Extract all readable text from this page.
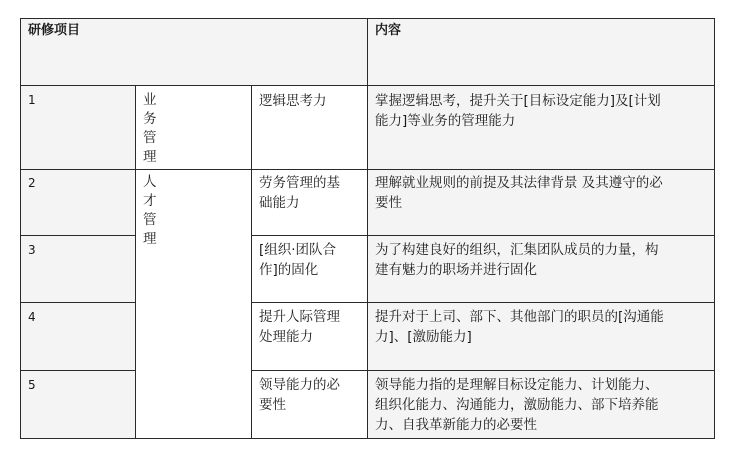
研修项目	内容
1
2
3
4
5
业务管理
人才管理
逻辑思考力
劳务管理的基
础能力
[组织·团队合
作]的固化
提升人际管理
处理能力
领导能力的必
要性
掌握逻辑思考，提升关于[目标设定能力]及[计划
能力]等业务的管理能力
理解就业规则的前提及其法律背景 及其遵守的必
要性
为了构建良好的组织，汇集团队成员的力量，构
建有魅力的职场并进行固化
提升对于上司、部下、其他部门的职员的[沟通能
力]、[激励能力]
领导能力指的是理解目标设定能力、计划能力、
组织化能力、沟通能力，激励能力、部下培养能
力、自我革新能力的必要性
